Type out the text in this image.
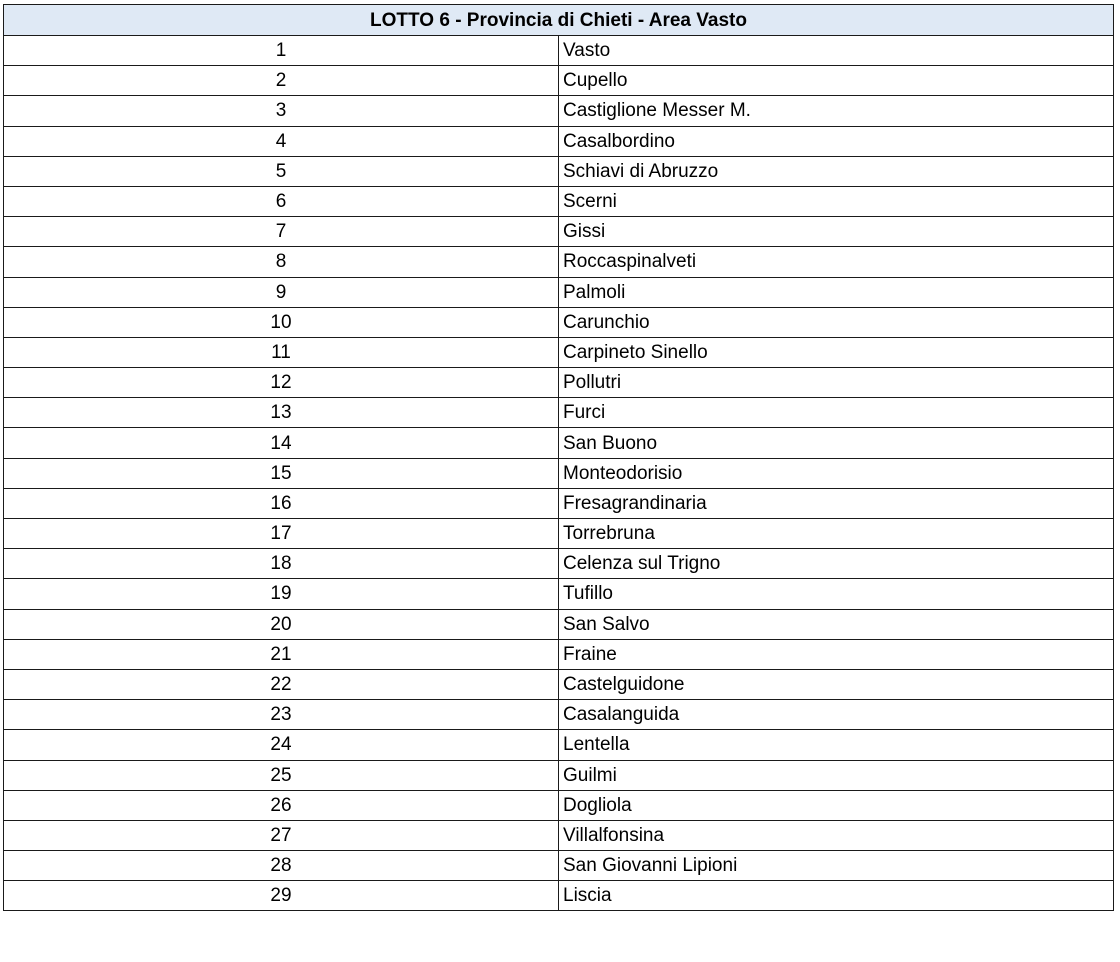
LOTTO 6 - Provincia di Chieti - Area Vasto	
1	Vasto
2	Cupello
3	Castiglione Messer M.
4	Casalbordino
5	Schiavi di Abruzzo
6	Scerni
7	Gissi
8	Roccaspinalveti
9	Palmoli
10	Carunchio
11	Carpineto Sinello
12	Pollutri
13	Furci
14	San Buono
15	Monteodorisio
16	Fresagrandinaria
17	Torrebruna
18	Celenza sul Trigno
19	Tufillo
20	San Salvo
21	Fraine
22	Castelguidone
23	Casalanguida
24	Lentella
25	Guilmi
26	Dogliola
27	Villalfonsina
28	San Giovanni Lipioni
29	Liscia
